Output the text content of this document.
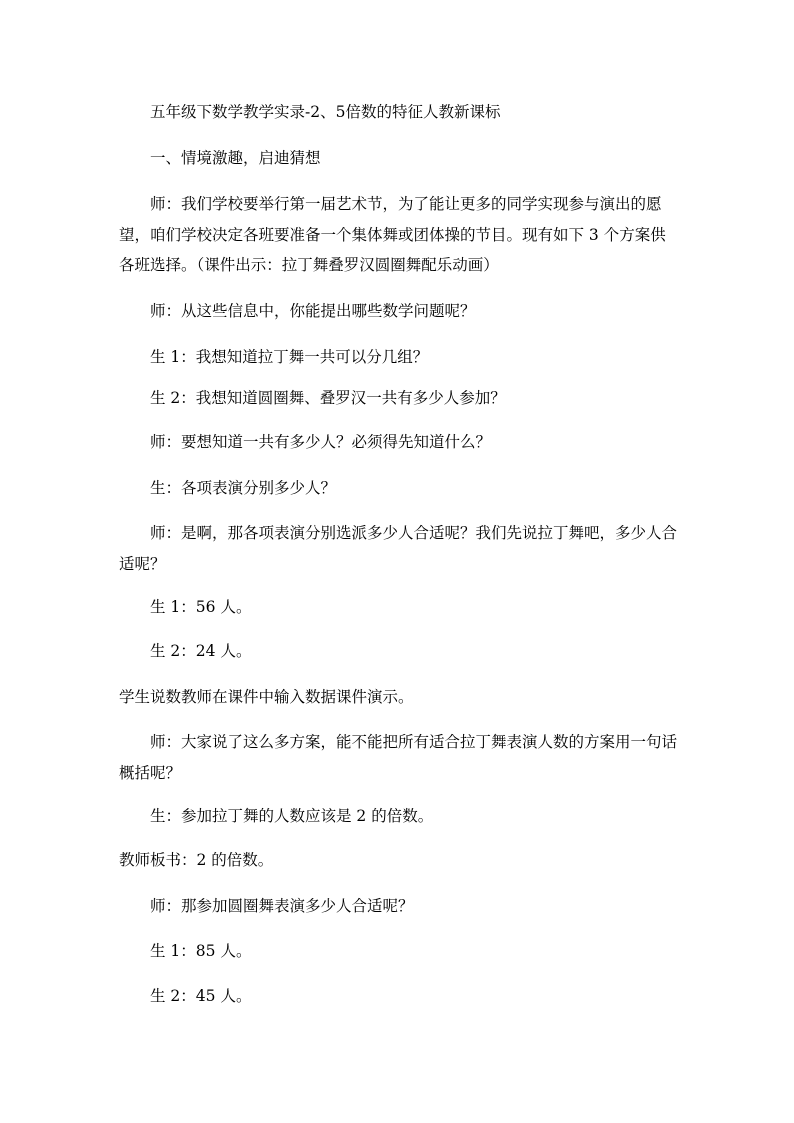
五年级下数学教学实录-2、5倍数的特征人教新课标

一、情境激趣，启迪猜想

师：我们学校要举行第一届艺术节，为了能让更多的同学实现参与演出的愿望，咱们学校决定各班要准备一个集体舞或团体操的节目。现有如下 3 个方案供各班选择。（课件出示：拉丁舞叠罗汉圆圈舞配乐动画）

师：从这些信息中，你能提出哪些数学问题呢？

生 1：我想知道拉丁舞一共可以分几组？

生 2：我想知道圆圈舞、叠罗汉一共有多少人参加？

师：要想知道一共有多少人？必须得先知道什么？

生：各项表演分别多少人？

师：是啊，那各项表演分别选派多少人合适呢？我们先说拉丁舞吧，多少人合适呢？

生 1：56 人。

生 2：24 人。

学生说数教师在课件中输入数据课件演示。

师：大家说了这么多方案，能不能把所有适合拉丁舞表演人数的方案用一句话概括呢？

生：参加拉丁舞的人数应该是 2 的倍数。

教师板书：2 的倍数。

师：那参加圆圈舞表演多少人合适呢？

生 1：85 人。

生 2：45 人。
